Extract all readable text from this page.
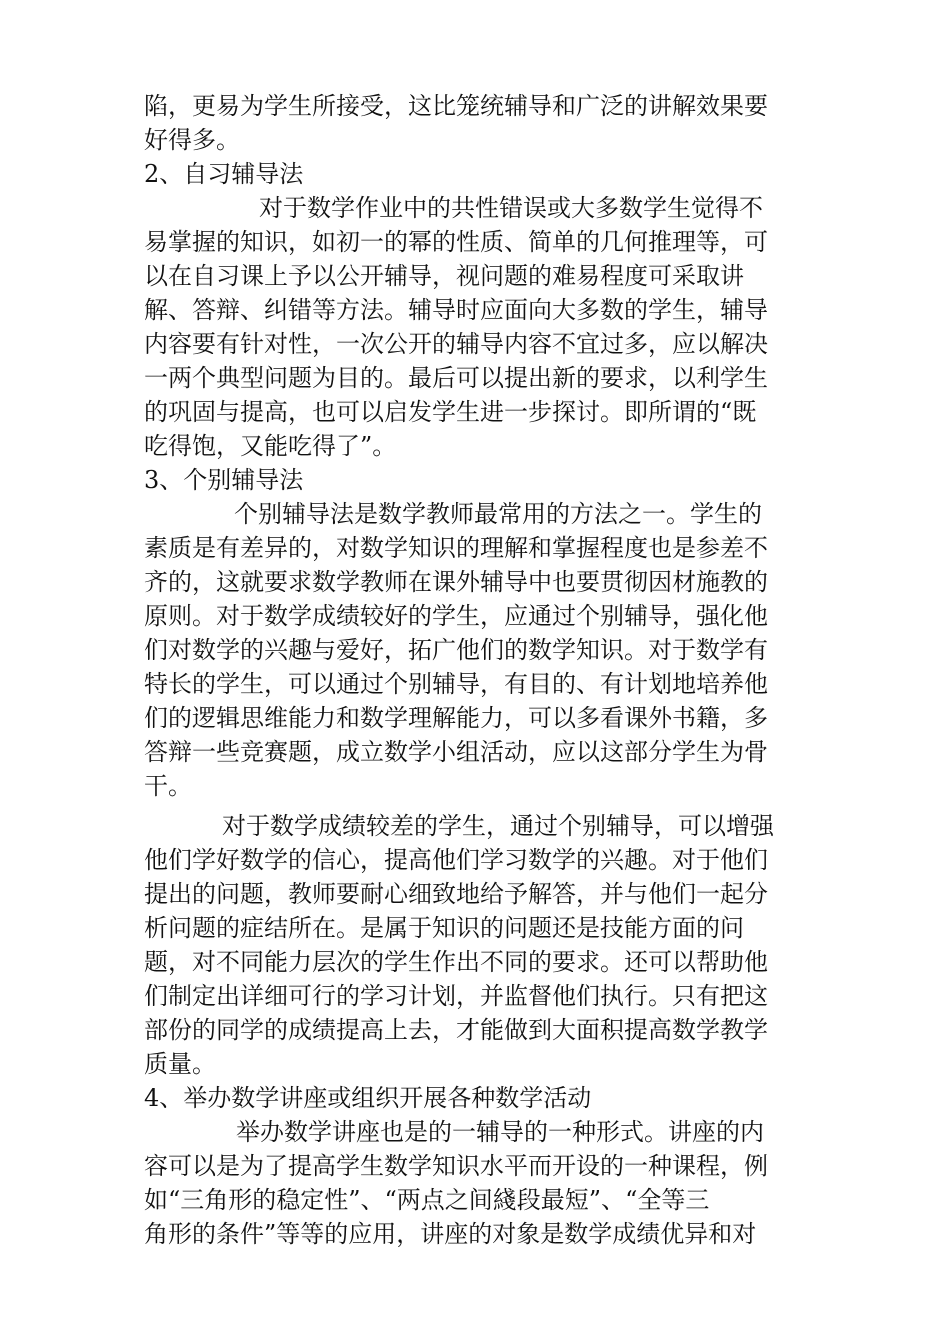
陷，更易为学生所接受，这比笼统辅导和广泛的讲解效果要
好得多。
2、自习辅导法
对于数学作业中的共性错误或大多数学生觉得不
易掌握的知识，如初一的幂的性质、简单的几何推理等，可
以在自习课上予以公开辅导，视问题的难易程度可采取讲
解、答辩、纠错等方法。辅导时应面向大多数的学生，辅导
内容要有针对性，一次公开的辅导内容不宜过多，应以解决
一两个典型问题为目的。最后可以提出新的要求，以利学生
的巩固与提高，也可以启发学生进一步探讨。即所谓的“既
吃得饱，又能吃得了”。
3、个别辅导法
个别辅导法是数学教师最常用的方法之一。学生的
素质是有差异的，对数学知识的理解和掌握程度也是参差不
齐的，这就要求数学教师在课外辅导中也要贯彻因材施教的
原则。对于数学成绩较好的学生，应通过个别辅导，强化他
们对数学的兴趣与爱好，拓广他们的数学知识。对于数学有
特长的学生，可以通过个别辅导，有目的、有计划地培养他
们的逻辑思维能力和数学理解能力，可以多看课外书籍，多
答辩一些竞赛题，成立数学小组活动，应以这部分学生为骨
干。
对于数学成绩较差的学生，通过个别辅导，可以增强
他们学好数学的信心，提高他们学习数学的兴趣。对于他们
提出的问题，教师要耐心细致地给予解答，并与他们一起分
析问题的症结所在。是属于知识的问题还是技能方面的问
题，对不同能力层次的学生作出不同的要求。还可以帮助他
们制定出详细可行的学习计划，并监督他们执行。只有把这
部份的同学的成绩提高上去，才能做到大面积提高数学教学
质量。
4、举办数学讲座或组织开展各种数学活动
举办数学讲座也是的一辅导的一种形式。讲座的内
容可以是为了提高学生数学知识水平而开设的一种课程，例
如“三角形的稳定性”、“两点之间綫段最短”、“全等三
角形的条件”等等的应用，讲座的对象是数学成绩优异和对
